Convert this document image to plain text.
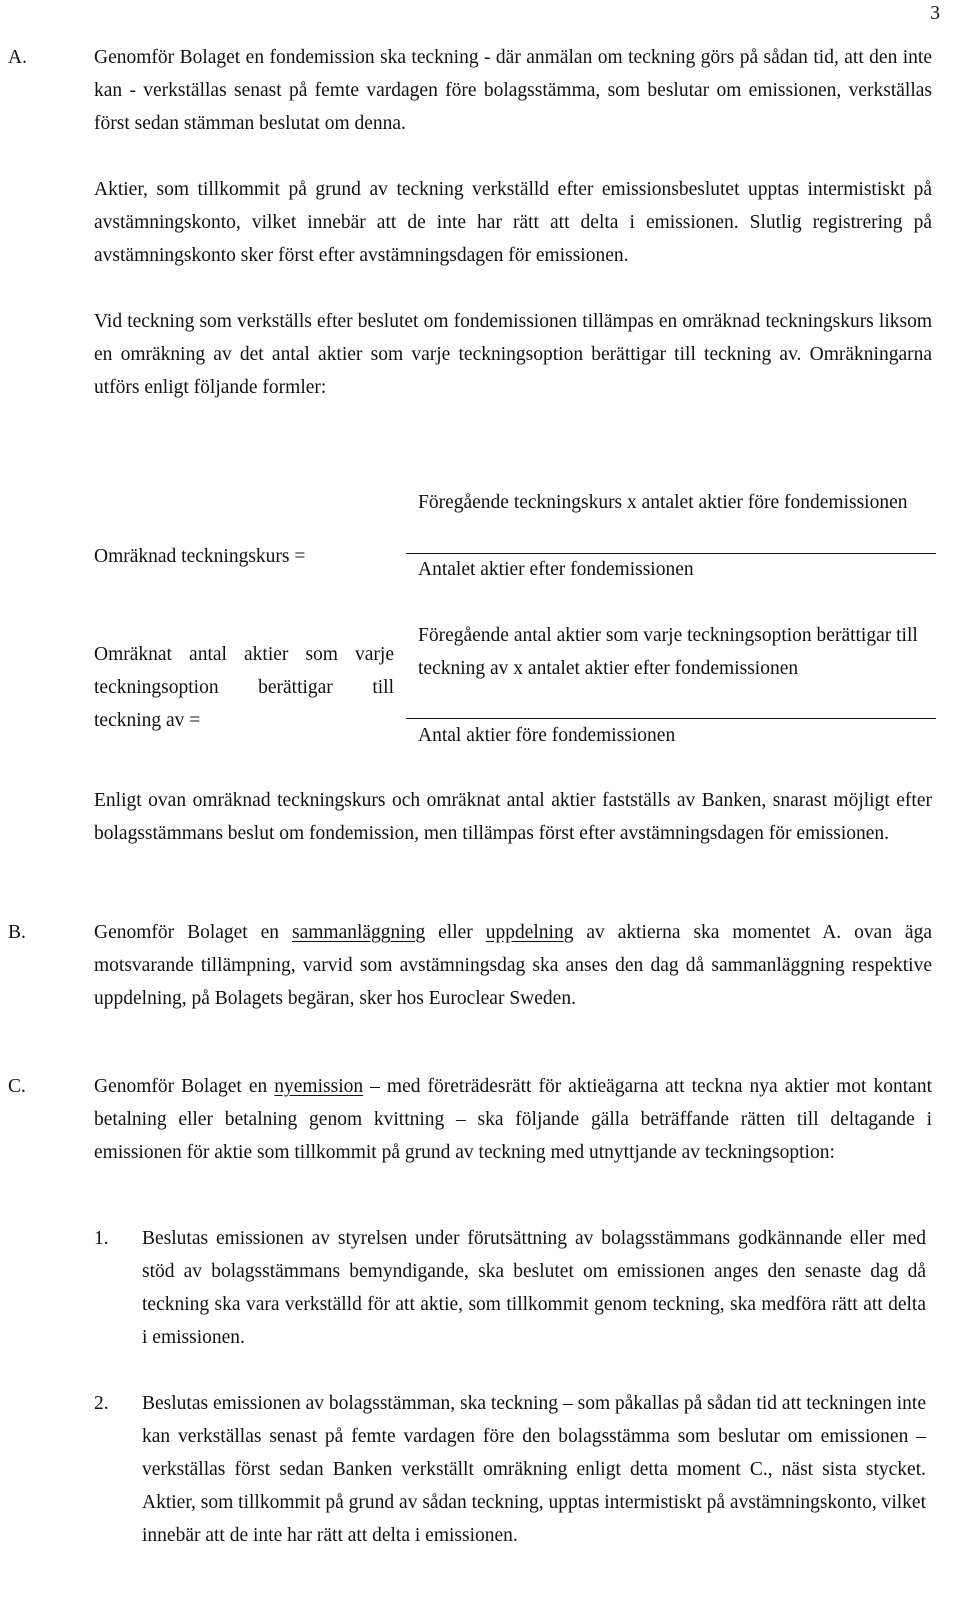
3
A.	Genomför Bolaget en fondemission ska teckning - där anmälan om teckning görs på sådan tid, att den inte kan - verkställas senast på femte vardagen före bolagsstämma, som beslutar om emissionen, verkställas först sedan stämman beslutat om denna.

Aktier, som tillkommit på grund av teckning verkställd efter emissionsbeslutet upptas intermistiskt på avstämningskonto, vilket innebär att de inte har rätt att delta i emissionen. Slutlig registrering på avstämningskonto sker först efter avstämningsdagen för emissionen.

Vid teckning som verkställs efter beslutet om fondemissionen tillämpas en omräknad teckningskurs liksom en omräkning av det antal aktier som varje teckningsoption berättigar till teckning av. Omräkningarna utförs enligt följande formler:

Omräknad teckningskurs =
Föregående teckningskurs x antalet aktier före fondemissionen
Antalet aktier efter fondemissionen
Omräknat antal aktier som varje teckningsoption berättigar till teckning av =
Föregående antal aktier som varje teckningsoption berättigar till teckning av x antalet aktier efter fondemissionen
Antal aktier före fondemissionen

Enligt ovan omräknad teckningskurs och omräknat antal aktier fastställs av Banken, snarast möjligt efter bolagsstämmans beslut om fondemission, men tillämpas först efter avstämningsdagen för emissionen.

B.	Genomför Bolaget en sammanläggning eller uppdelning av aktierna ska momentet A. ovan äga motsvarande tillämpning, varvid som avstämningsdag ska anses den dag då sammanläggning respektive uppdelning, på Bolagets begäran, sker hos Euroclear Sweden.

C.	Genomför Bolaget en nyemission – med företrädesrätt för aktieägarna att teckna nya aktier mot kontant betalning eller betalning genom kvittning – ska följande gälla beträffande rätten till deltagande i emissionen för aktie som tillkommit på grund av teckning med utnyttjande av teckningsoption:

1. Beslutas emissionen av styrelsen under förutsättning av bolagsstämmans godkännande eller med stöd av bolagsstämmans bemyndigande, ska beslutet om emissionen anges den senaste dag då teckning ska vara verkställd för att aktie, som tillkommit genom teckning, ska medföra rätt att delta i emissionen.
2. Beslutas emissionen av bolagsstämman, ska teckning – som påkallas på sådan tid att teckningen inte kan verkställas senast på femte vardagen före den bolagsstämma som beslutar om emissionen – verkställas först sedan Banken verkställt omräkning enligt detta moment C., näst sista stycket. Aktier, som tillkommit på grund av sådan teckning, upptas intermistiskt på avstämningskonto, vilket innebär att de inte har rätt att delta i emissionen.
